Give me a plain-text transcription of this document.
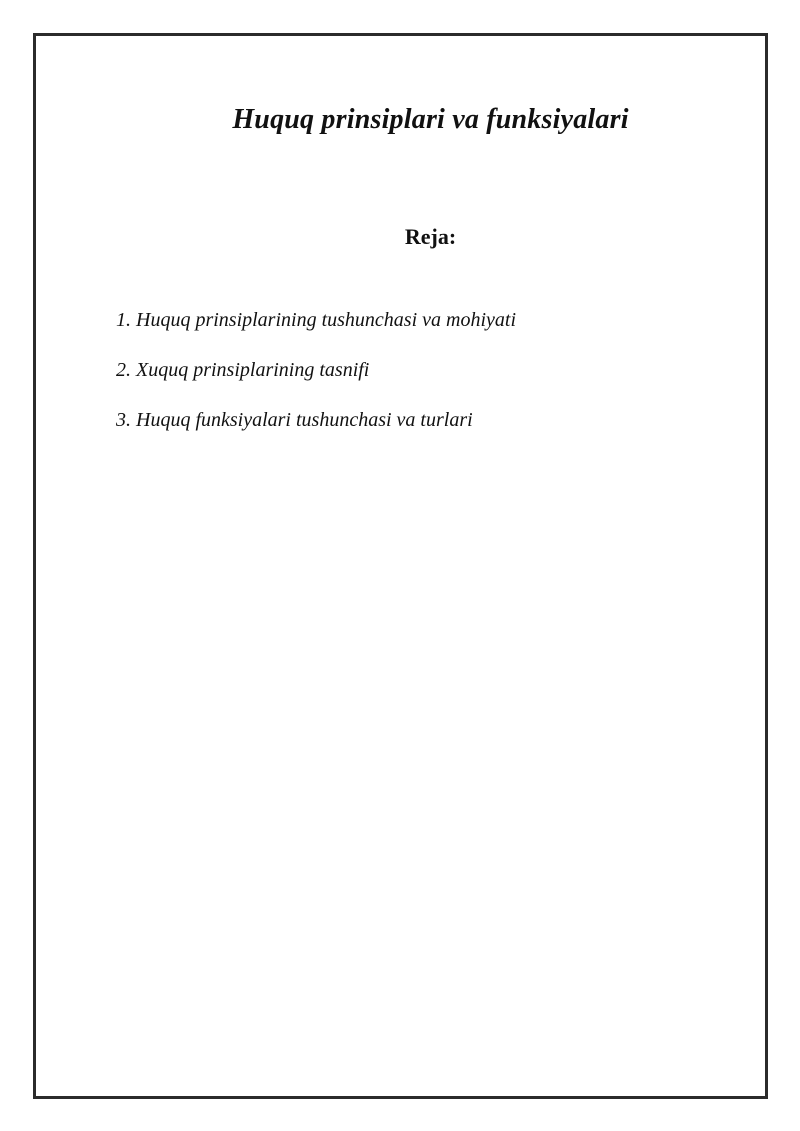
Huquq prinsiplari va funksiyalari
Reja:
1. Huquq prinsiplarining tushunchasi va mohiyati
2. Xuquq prinsiplarining tasnifi
3. Huquq funksiyalari tushunchasi va turlari
